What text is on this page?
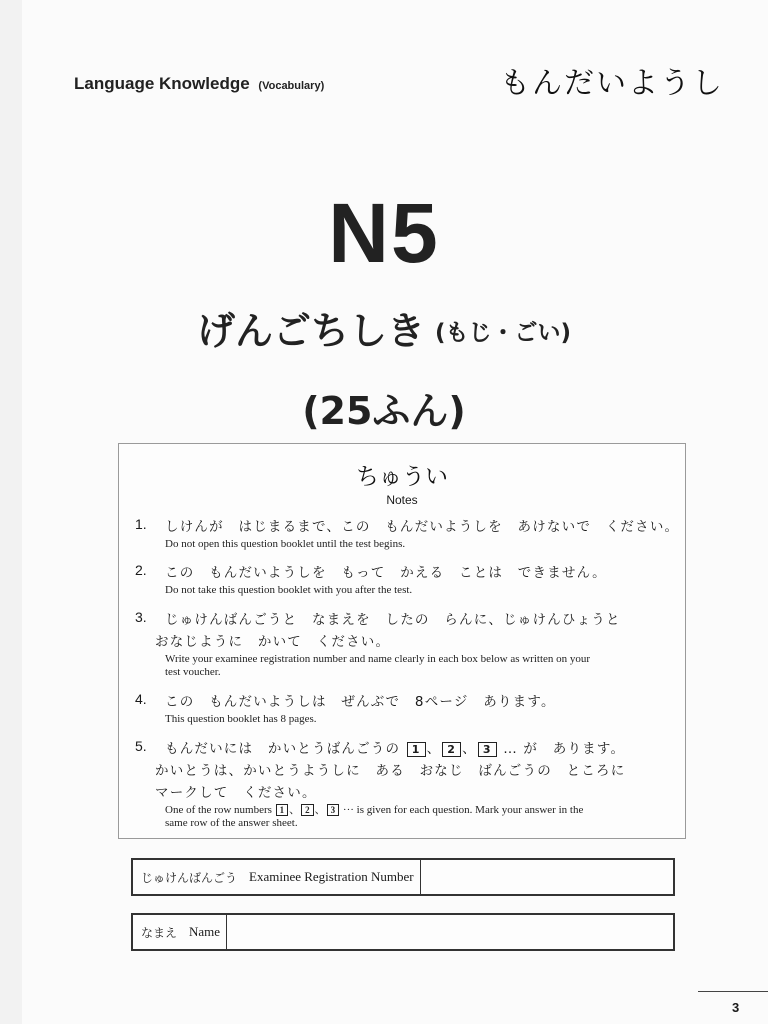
Language Knowledge (Vocabulary)	もんだいようし
N5
げんごちしき (もじ・ごい)
(25ふん)
ちゅうい
Notes
1.	しけんが　はじまるまで、この　もんだいようしを　あけないで　ください。
Do not open this question booklet until the test begins.
2.	この　もんだいようしを　もって　かえる　ことは　できません。
Do not take this question booklet with you after the test.
3.	じゅけんばんごうと　なまえを　したの　らんに、じゅけんひょうと
おなじように　かいて　ください。
Write your examinee registration number and name clearly in each box below as written on your
test voucher.
4.	この　もんだいようしは　ぜんぶで　8ページ　あります。
This question booklet has 8 pages.
5.	もんだいには　かいとうばんごうの 1 、 2 、 3 … が　あります。
かいとうは、かいとうようしに　ある　おなじ　ばんごうの　ところに
マークして　ください。
One of the row numbers 1 、 2 、 3 ··· is given for each question. Mark your answer in the
same row of the answer sheet.
じゅけんばんごう Examinee Registration Number
なまえ Name
3
